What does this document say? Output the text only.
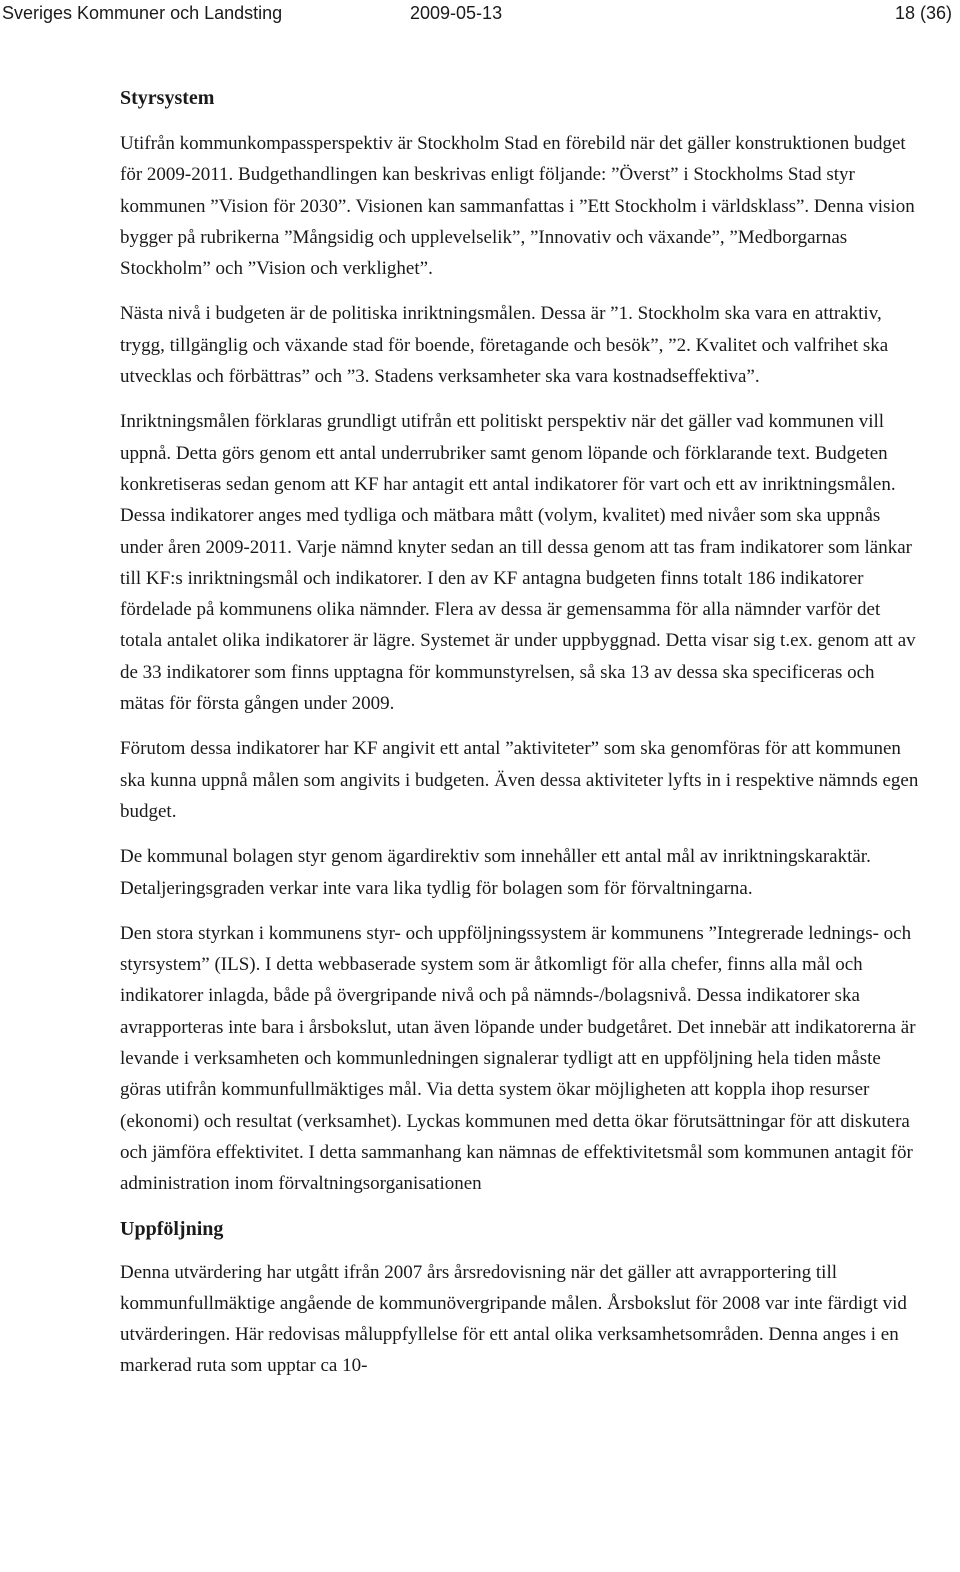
Sveriges Kommuner och Landsting	2009-05-13	18 (36)
Styrsystem

Utifrån kommunkompassperspektiv är Stockholm Stad en förebild när det gäller konstruktionen budget för 2009-2011. Budgethandlingen kan beskrivas enligt följande: ”Överst” i Stockholms Stad styr kommunen ”Vision för 2030”. Visionen kan sammanfattas i ”Ett Stockholm i världsklass”. Denna vision bygger på rubrikerna ”Mångsidig och upplevelselik”, ”Innovativ och växande”, ”Medborgarnas Stockholm” och ”Vision och verklighet”.

Nästa nivå i budgeten är de politiska inriktningsmålen. Dessa är ”1. Stockholm ska vara en attraktiv, trygg, tillgänglig och växande stad för boende, företagande och besök”, ”2. Kvalitet och valfrihet ska utvecklas och förbättras” och ”3. Stadens verksamheter ska vara kostnadseffektiva”.

Inriktningsmålen förklaras grundligt utifrån ett politiskt perspektiv när det gäller vad kommunen vill uppnå. Detta görs genom ett antal underrubriker samt genom löpande och förklarande text. Budgeten konkretiseras sedan genom att KF har antagit ett antal indikatorer för vart och ett av inriktningsmålen. Dessa indikatorer anges med tydliga och mätbara mått (volym, kvalitet) med nivåer som ska uppnås under åren 2009-2011. Varje nämnd knyter sedan an till dessa genom att tas fram indikatorer som länkar till KF:s inriktningsmål och indikatorer. I den av KF antagna budgeten finns totalt 186 indikatorer fördelade på kommunens olika nämnder. Flera av dessa är gemensamma för alla nämnder varför det totala antalet olika indikatorer är lägre. Systemet är under uppbyggnad. Detta visar sig t.ex. genom att av de 33 indikatorer som finns upptagna för kommunstyrelsen, så ska 13 av dessa ska specificeras och mätas för första gången under 2009.

Förutom dessa indikatorer har KF angivit ett antal ”aktiviteter” som ska genomföras för att kommunen ska kunna uppnå målen som angivits i budgeten. Även dessa aktiviteter lyfts in i respektive nämnds egen budget.

De kommunal bolagen styr genom ägardirektiv som innehåller ett antal mål av inriktningskaraktär. Detaljeringsgraden verkar inte vara lika tydlig för bolagen som för förvaltningarna.

Den stora styrkan i kommunens styr- och uppföljningssystem är kommunens ”Integrerade lednings- och styrsystem” (ILS). I detta webbaserade system som är åtkomligt för alla chefer, finns alla mål och indikatorer inlagda, både på övergripande nivå och på nämnds-/bolagsnivå. Dessa indikatorer ska avrapporteras inte bara i årsbokslut, utan även löpande under budgetåret. Det innebär att indikatorerna är levande i verksamheten och kommunledningen signalerar tydligt att en uppföljning hela tiden måste göras utifrån kommunfullmäktiges mål. Via detta system ökar möjligheten att koppla ihop resurser (ekonomi) och resultat (verksamhet). Lyckas kommunen med detta ökar förutsättningar för att diskutera och jämföra effektivitet. I detta sammanhang kan nämnas de effektivitetsmål som kommunen antagit för administration inom förvaltningsorganisationen

Uppföljning

Denna utvärdering har utgått ifrån 2007 års årsredovisning när det gäller att avrapportering till kommunfullmäktige angående de kommunövergripande målen. Årsbokslut för 2008 var inte färdigt vid utvärderingen. Här redovisas måluppfyllelse för ett antal olika verksamhetsområden. Denna anges i en markerad ruta som upptar ca 10-
